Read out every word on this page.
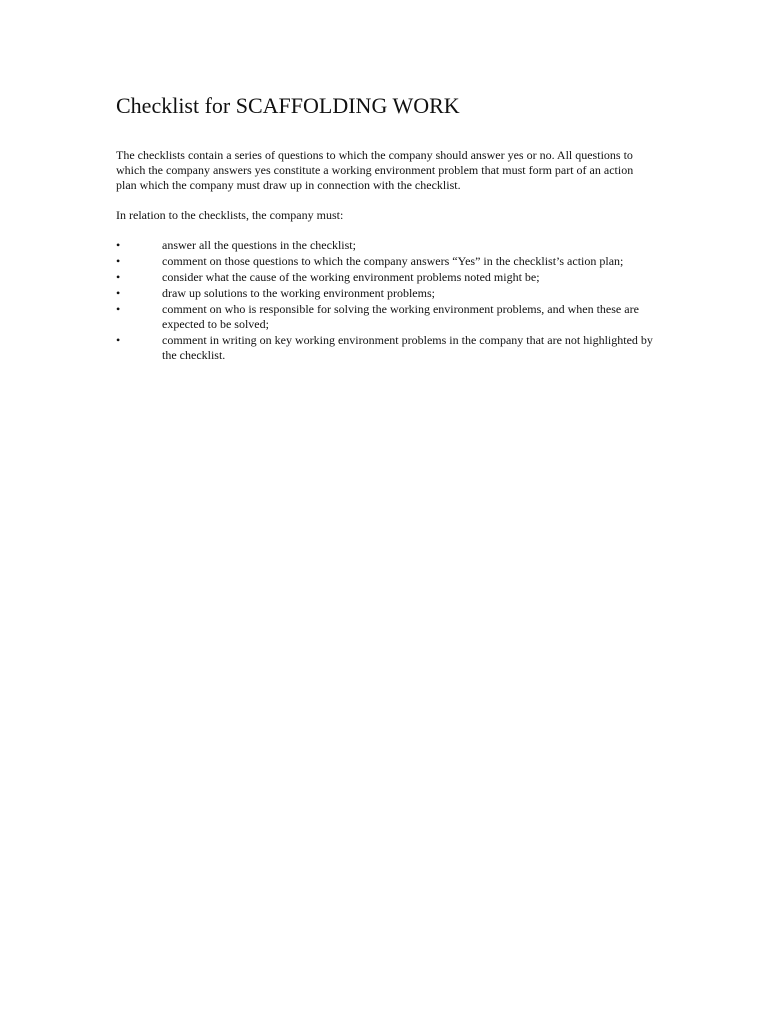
Checklist for SCAFFOLDING WORK

The checklists contain a series of questions to which the company should answer yes or no. All questions to which the company answers yes constitute a working environment problem that must form part of an action plan which the company must draw up in connection with the checklist.

In relation to the checklists, the company must:

•	answer all the questions in the checklist;
•	comment on those questions to which the company answers “Yes” in the checklist’s action plan;
•	consider what the cause of the working environment problems noted might be;
•	draw up solutions to the working environment problems;
•	comment on who is responsible for solving the working environment problems, and when these are expected to be solved;
•	comment in writing on key working environment problems in the company that are not highlighted by the checklist.
